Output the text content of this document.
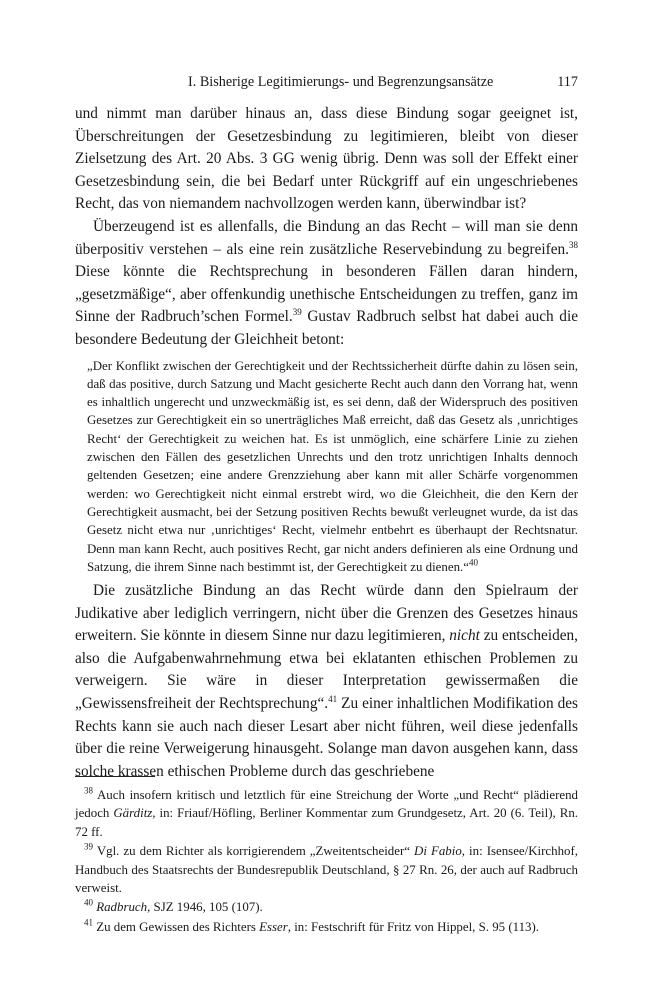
I. Bisherige Legitimierungs- und Begrenzungsansätze	117

und nimmt man darüber hinaus an, dass diese Bindung sogar geeignet ist, Überschreitungen der Gesetzesbindung zu legitimieren, bleibt von dieser Zielsetzung des Art. 20 Abs. 3 GG wenig übrig. Denn was soll der Effekt einer Gesetzesbindung sein, die bei Bedarf unter Rückgriff auf ein ungeschriebenes Recht, das von niemandem nachvollzogen werden kann, überwindbar ist?

Überzeugend ist es allenfalls, die Bindung an das Recht – will man sie denn überpositiv verstehen – als eine rein zusätzliche Reservebindung zu begreifen.$^{38}$ Diese könnte die Rechtsprechung in besonderen Fällen daran hindern, „gesetzmäßige“, aber offenkundig unethische Entscheidungen zu treffen, ganz im Sinne der Radbruch’schen Formel.$^{39}$ Gustav Radbruch selbst hat dabei auch die besondere Bedeutung der Gleichheit betont:

„Der Konflikt zwischen der Gerechtigkeit und der Rechtssicherheit dürfte dahin zu lösen sein, daß das positive, durch Satzung und Macht gesicherte Recht auch dann den Vorrang hat, wenn es inhaltlich ungerecht und unzweckmäßig ist, es sei denn, daß der Widerspruch des positiven Gesetzes zur Gerechtigkeit ein so unerträgliches Maß erreicht, daß das Gesetz als ‚unrichtiges Recht‘ der Gerechtigkeit zu weichen hat. Es ist unmöglich, eine schärfere Linie zu ziehen zwischen den Fällen des gesetzlichen Unrechts und den trotz unrichtigen Inhalts dennoch geltenden Gesetzen; eine andere Grenzziehung aber kann mit aller Schärfe vorgenommen werden: wo Gerechtigkeit nicht einmal erstrebt wird, wo die Gleichheit, die den Kern der Gerechtigkeit ausmacht, bei der Setzung positiven Rechts bewußt verleugnet wurde, da ist das Gesetz nicht etwa nur ‚unrichtiges‘ Recht, vielmehr entbehrt es überhaupt der Rechtsnatur. Denn man kann Recht, auch positives Recht, gar nicht anders definieren als eine Ordnung und Satzung, die ihrem Sinne nach bestimmt ist, der Gerechtigkeit zu dienen.“$^{40}$

Die zusätzliche Bindung an das Recht würde dann den Spielraum der Judikative aber lediglich verringern, nicht über die Grenzen des Gesetzes hinaus erweitern. Sie könnte in diesem Sinne nur dazu legitimieren, nicht zu entscheiden, also die Aufgabenwahrnehmung etwa bei eklatanten ethischen Problemen zu verweigern. Sie wäre in dieser Interpretation gewissermaßen die „Gewissensfreiheit der Rechtsprechung“.$^{41}$ Zu einer inhaltlichen Modifikation des Rechts kann sie auch nach dieser Lesart aber nicht führen, weil diese jedenfalls über die reine Verweigerung hinausgeht. Solange man davon ausgehen kann, dass solche krassen ethischen Probleme durch das geschriebene

$^{38}$ Auch insofern kritisch und letztlich für eine Streichung der Worte „und Recht“ plädierend jedoch Gärditz, in: Friauf/Höfling, Berliner Kommentar zum Grundgesetz, Art. 20 (6. Teil), Rn. 72 ff.

$^{39}$ Vgl. zu dem Richter als korrigierendem „Zweitentscheider“ Di Fabio, in: Isensee/Kirchhof, Handbuch des Staatsrechts der Bundesrepublik Deutschland, § 27 Rn. 26, der auch auf Radbruch verweist.

$^{40}$ Radbruch, SJZ 1946, 105 (107).

$^{41}$ Zu dem Gewissen des Richters Esser, in: Festschrift für Fritz von Hippel, S. 95 (113).
